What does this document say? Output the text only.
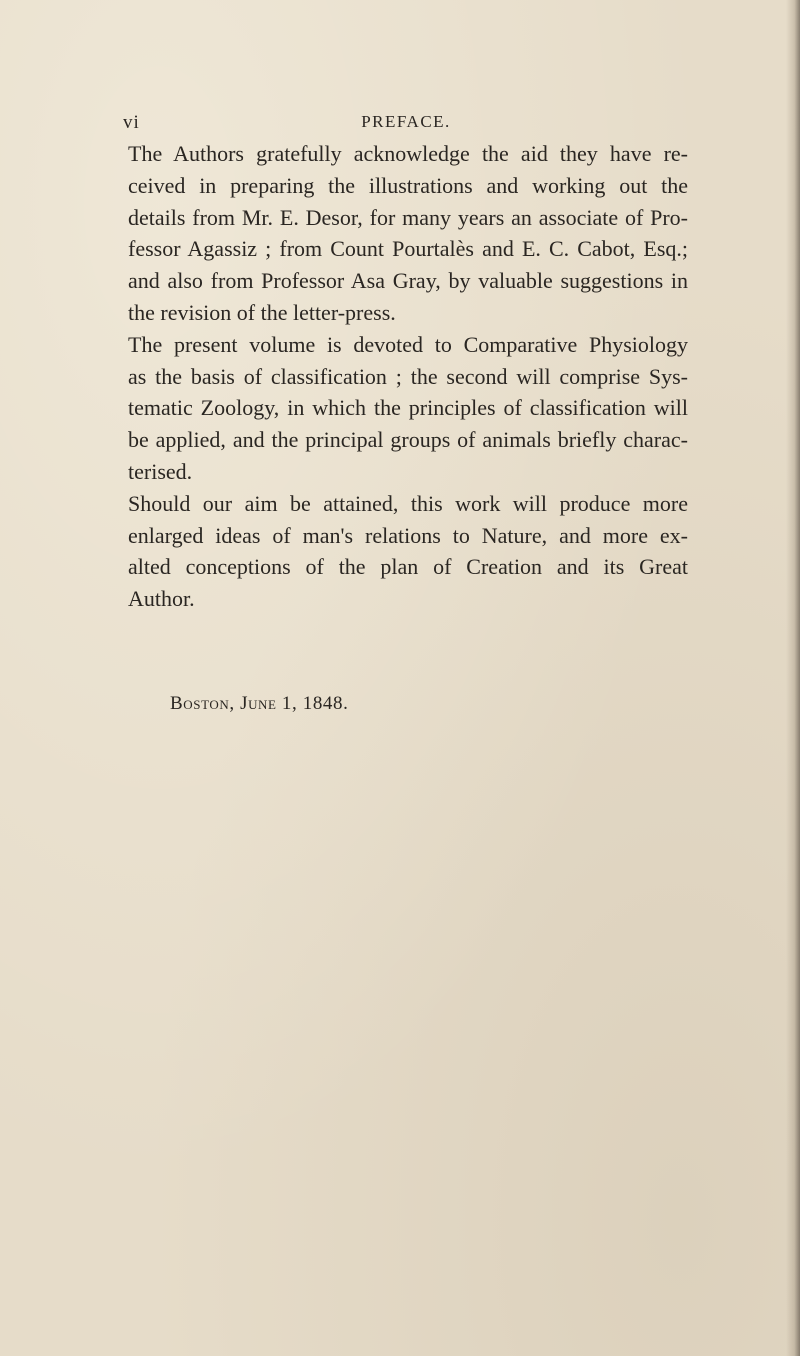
vi	PREFACE.
The Authors gratefully acknowledge the aid they have re-
ceived in preparing the illustrations and working out the
details from Mr. E. Desor, for many years an associate of Pro-
fessor Agassiz ; from Count Pourtalès and E. C. Cabot, Esq.;
and also from Professor Asa Gray, by valuable suggestions in
the revision of the letter-press.
The present volume is devoted to Comparative Physiology
as the basis of classification ; the second will comprise Sys-
tematic Zoology, in which the principles of classification will
be applied, and the principal groups of animals briefly charac-
terised.
Should our aim be attained, this work will produce more
enlarged ideas of man's relations to Nature, and more ex-
alted conceptions of the plan of Creation and its Great
Author.
Boston, June 1, 1848.
